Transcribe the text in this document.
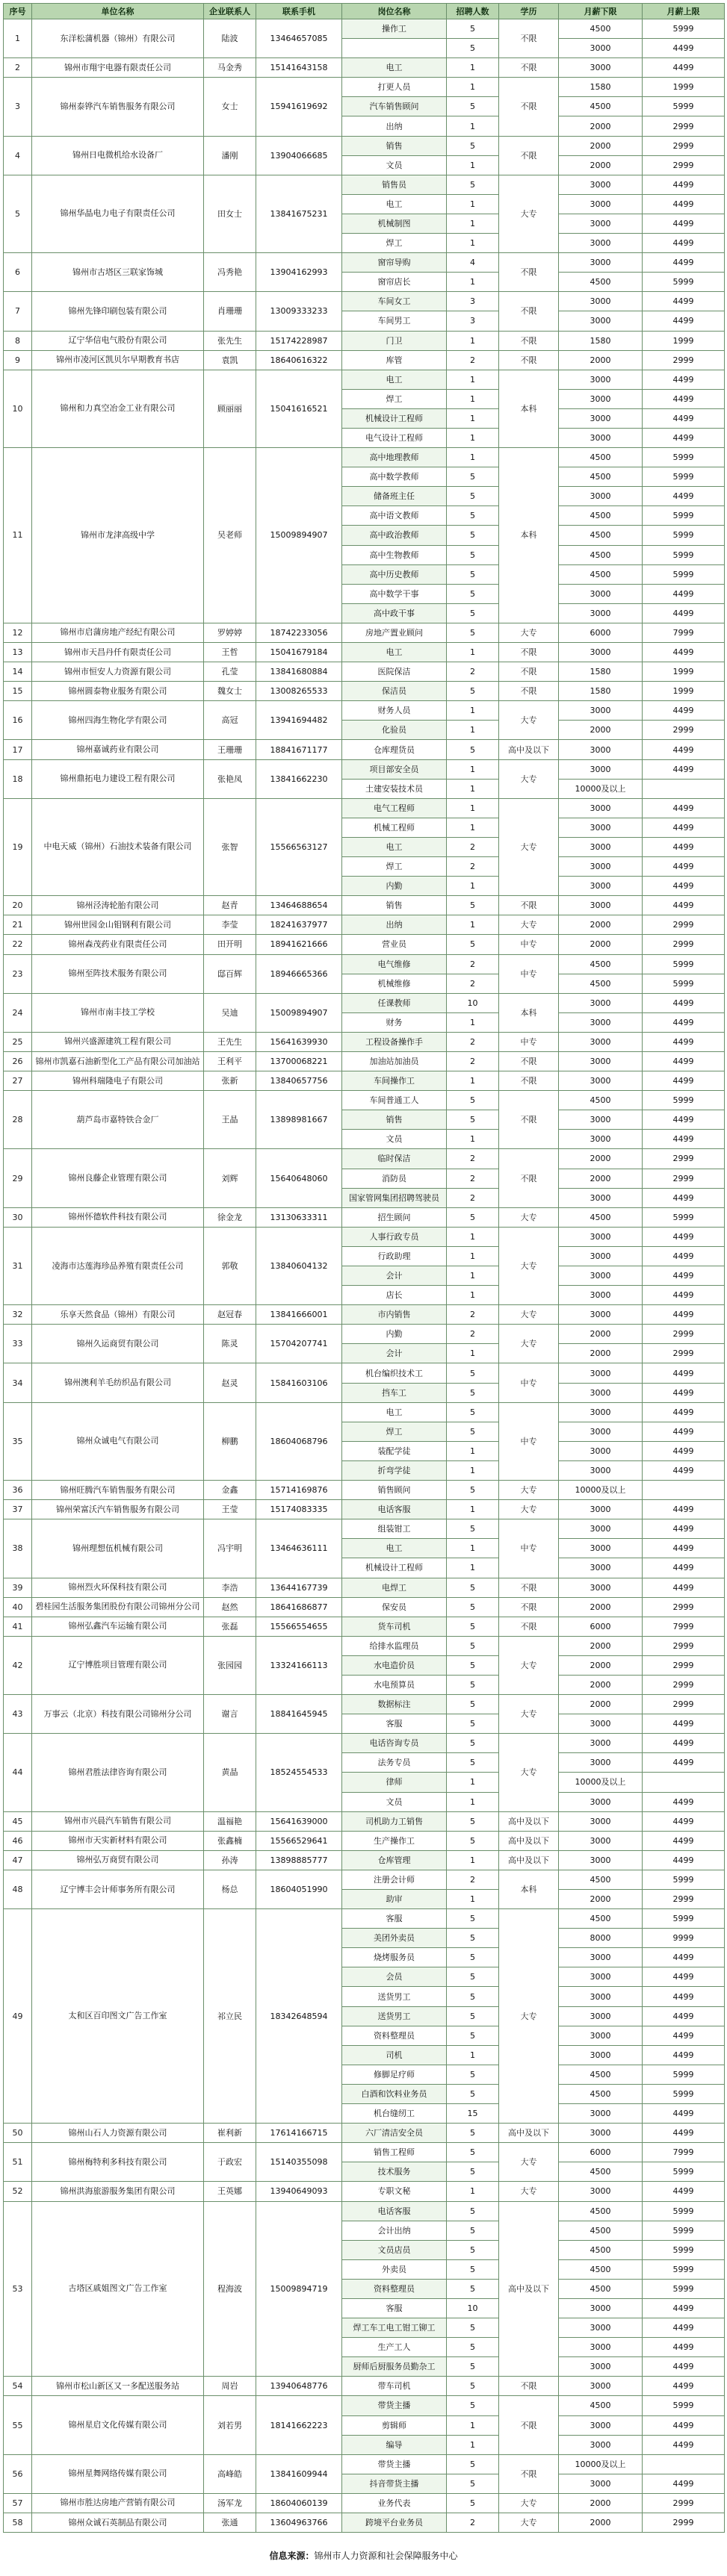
序号	单位名称	企业联系人	联系手机	岗位名称	招聘人数	学历	月薪下限	月薪上限
1	东洋松蒲机器（锦州）有限公司	陆波	13464657085	操作工	5	不限	4500	5999
					5		3000	4499
2	锦州市翔宇电器有限责任公司	马金秀	15141643158	电工	1	不限	3000	4499
3	锦州泰铧汽车销售服务有限公司	女士	15941619692	打更人员	1	不限	1580	1999
				汽车销售顾问	5		4500	5999
				出纳	1		2000	2999
4	锦州日电微机给水设备厂	潘刚	13904066685	销售	5	不限	2000	2999
				文员	1		2000	2999
5	锦州华晶电力电子有限责任公司	田女士	13841675231	销售员	5	大专	3000	4499
				电工	1		3000	4499
				机械制图	1		3000	4499
				焊工	1		3000	4499
6	锦州市古塔区三联家饰城	冯秀艳	13904162993	窗帘导购	4	不限	3000	4499
				窗帘店长	1		4500	5999
7	锦州先锋印刷包装有限公司	肖珊珊	13009333233	车间女工	3	不限	3000	4499
				车间男工	3		3000	4499
8	辽宁华信电气股份有限公司	张先生	15174228987	门卫	1	不限	1580	1999
9	锦州市凌河区凯贝尔早期教育书店	袁凯	18640616322	库管	2	不限	2000	2999
10	锦州和力真空冶金工业有限公司	顾丽丽	15041616521	电工	1	本科	3000	4499
				焊工	1		3000	4499
				机械设计工程师	1		3000	4499
				电气设计工程师	1		3000	4499
11	锦州市龙津高级中学	吴老师	15009894907	高中地理教师	1	本科	4500	5999
				高中数学教师	5		4500	5999
				储备班主任	5		3000	4499
				高中语文教师	5		4500	5999
				高中政治教师	5		4500	5999
				高中生物教师	5		4500	5999
				高中历史教师	5		4500	5999
				高中数学干事	5		3000	4499
				高中政干事	5		3000	4499
12	锦州市启蒲房地产经纪有限公司	罗婷婷	18742233056	房地产置业顾问	5	大专	6000	7999
13	锦州市天昌丹仟有限责任公司	王哲	15041679184	电工	1	不限	3000	4499
14	锦州市恒安人力资源有限公司	孔莹	13841680884	医院保洁	2	不限	1580	1999
15	锦州圆泰物业服务有限公司	魏女士	13008265533	保洁员	5	不限	1580	1999
16	锦州四海生物化学有限公司	高冠	13941694482	财务人员	1	大专	3000	4499
				化验员	1		2000	2999
17	锦州嘉诚药业有限公司	王珊珊	18841671177	仓库理货员	5	高中及以下	3000	4499
18	锦州鼎拓电力建设工程有限公司	张艳凤	13841662230	项目部安全员	1	大专	3000	4499
				土建安装技术员	1		10000及以上	
19	中电天威（锦州）石油技术装备有限公司	张智	15566563127	电气工程师	1	大专	3000	4499
				机械工程师	1		3000	4499
				电工	2		3000	4499
				焊工	2		3000	4499
				内勤	1		3000	4499
20	锦州泾涛轮胎有限公司	赵青	13464688654	销售	5	不限	3000	4499
21	锦州世园金山钼钢利有限公司	李莹	18241637977	出纳	1	大专	2000	2999
22	锦州森茂药业有限责任公司	田开明	18941621666	营业员	5	中专	2000	2999
23	锦州至阵技术服务有限公司	邸百辉	18946665366	电气维修	2	中专	4500	5999
				机械维修	2		4500	5999
24	锦州市南丰技工学校	吴迪	15009894907	任课教师	10	本科	3000	4499
				财务	1		3000	4499
25	锦州兴盛源建筑工程有限公司	王先生	15641639930	工程设备操作手	2	中专	3000	4499
26	锦州市凯嘉石油新型化工产品有限公司加油站	王利平	13700068221	加油站加油员	2	不限	3000	4499
27	锦州科瑞隆电子有限公司	张新	13840657756	车间操作工	1	不限	3000	4499
28	葫芦岛市嘉特铁合金厂	王晶	13898981667	车间普通工人	5	不限	4500	5999
				销售	5		3000	4499
				文员	1		3000	4499
29	锦州良藤企业管理有限公司	刘辉	15640648060	临时保洁	2	不限	2000	2999
				消防员	2		2000	2999
				国家管网集团招聘驾驶员	2		3000	4499
30	锦州怀德软件科技有限公司	徐金龙	13130633311	招生顾问	5	大专	4500	5999
31	凌海市达莲海珍品养殖有限责任公司	郭敬	13840604132	人事行政专员	1	大专	3000	4499
				行政助理	1		3000	4499
				会计	1		3000	4499
				店长	1		3000	4499
32	乐享天然食品（锦州）有限公司	赵冠春	13841666001	市内销售	2	大专	3000	4499
33	锦州久运商贸有限公司	陈灵	15704207741	内勤	2	大专	2000	2999
				会计	1		2000	2999
34	锦州澳利羊毛纺织品有限公司	赵灵	15841603106	机台编织技术工	5	中专	3000	4499
				挡车工	5		3000	4499
35	锦州众诚电气有限公司	柳鹏	18604068796	电工	5	中专	3000	4499
				焊工	5		3000	4499
				装配学徒	1		3000	4499
				折弯学徒	1		3000	4499
36	锦州旺腾汽车销售服务有限公司	金鑫	15714169876	销售顾问	5	大专	10000及以上	
37	锦州荣富沃汽车销售服务有限公司	王莹	15174083335	电话客服	1	大专	3000	4499
38	锦州理想伍机械有限公司	冯宇明	13464636111	组装钳工	5	中专	3000	4499
				电工	1		3000	4499
				机械设计工程师	1		3000	4499
39	锦州烈火环保科技有限公司	李浩	13644167739	电焊工	5	不限	3000	4499
40	碧桂园生活服务集团股份有限公司锦州分公司	赵然	18641686877	保安员	5	不限	2000	2999
41	锦州弘鑫汽车运输有限公司	张磊	15566554655	货车司机	5	不限	6000	7999
42	辽宁博胜项目管理有限公司	张园园	13324166113	给排水监理员	5	大专	2000	2999
				水电造价员	5		2000	2999
				水电预算员	5		2000	2999
43	万事云（北京）科技有限公司锦州分公司	谢言	18841645945	数据标注	5	大专	2000	2999
				客服	5		3000	4499
44	锦州君胜法律咨询有限公司	黄晶	18524554533	电话咨询专员	5	大专	3000	4499
				法务专员	5		3000	4499
				律师	1		10000及以上	
				文员	1		3000	4499
45	锦州市兴晨汽车销售有限公司	温福艳	15641639000	司机助力工销售	5	高中及以下	3000	4499
46	锦州市天实新材料有限公司	张鑫楠	15566529641	生产操作工	5	高中及以下	3000	4499
47	锦州弘万商贸有限公司	孙涛	13898885777	仓库管理	1	高中及以下	3000	4499
48	辽宁博丰会计师事务所有限公司	杨总	18604051990	注册会计师	2	本科	4500	5999
				助审	1		2000	2999
49	太和区百印图文广告工作室	祁立民	18342648594	客服	5	大专	4500	5999
				美团外卖员	5		8000	9999
				烧烤服务员	5		3000	4499
				会员	5		3000	4499
				送货男工	5		3000	4499
				送货男工	5		3000	4499
				资料整理员	5		3000	4499
				司机	1		3000	4499
				修脚足疗师	5		4500	5999
				白酒和饮料业务员	5		4500	5999
				机台缝纫工	15		3000	4499
50	锦州山石人力资源有限公司	崔利新	17614166715	六厂清洁安全员	5	高中及以下	3000	4499
51	锦州梅特利多科技有限公司	于政宏	15140355098	销售工程师	5	大专	6000	7999
				技术服务	5		4500	5999
52	锦州洪海旅游服务集团有限公司	王英娜	13940649093	专职文秘	1	大专	3000	4499
53	古塔区戚姐图文广告工作室	程海波	15009894719	电话客服	5	高中及以下	4500	5999
				会计出纳	5		4500	5999
				文员店员	5		4500	5999
				外卖员	5		4500	5999
				资料整理员	5		4500	5999
				客服	10		3000	4499
				焊工车工电工钳工铆工	5		3000	4499
				生产工人	5		3000	4499
				厨师后厨服务员勤杂工	5		3000	4499
54	锦州市松山新区又一多配送服务站	周岩	13940648776	带车司机	5	不限	3000	4499
55	锦州星启文化传媒有限公司	刘若男	18141662223	带货主播	5	不限	4500	5999
				剪辑师	1		3000	4499
				编导	1		3000	4499
56	锦州星舞网络传媒有限公司	高峰皓	13841609944	带货主播	5	不限	10000及以上	
				抖音带货主播	5		3000	4499
57	锦州市胜达房地产营销有限公司	汤军龙	18604060139	业务代表	5	大专	2000	2999
58	锦州众诚石英制品有限公司	张通	13604963766	跨境平台业务员	2	大专	2000	2999
信息来源：锦州市人力资源和社会保障服务中心
